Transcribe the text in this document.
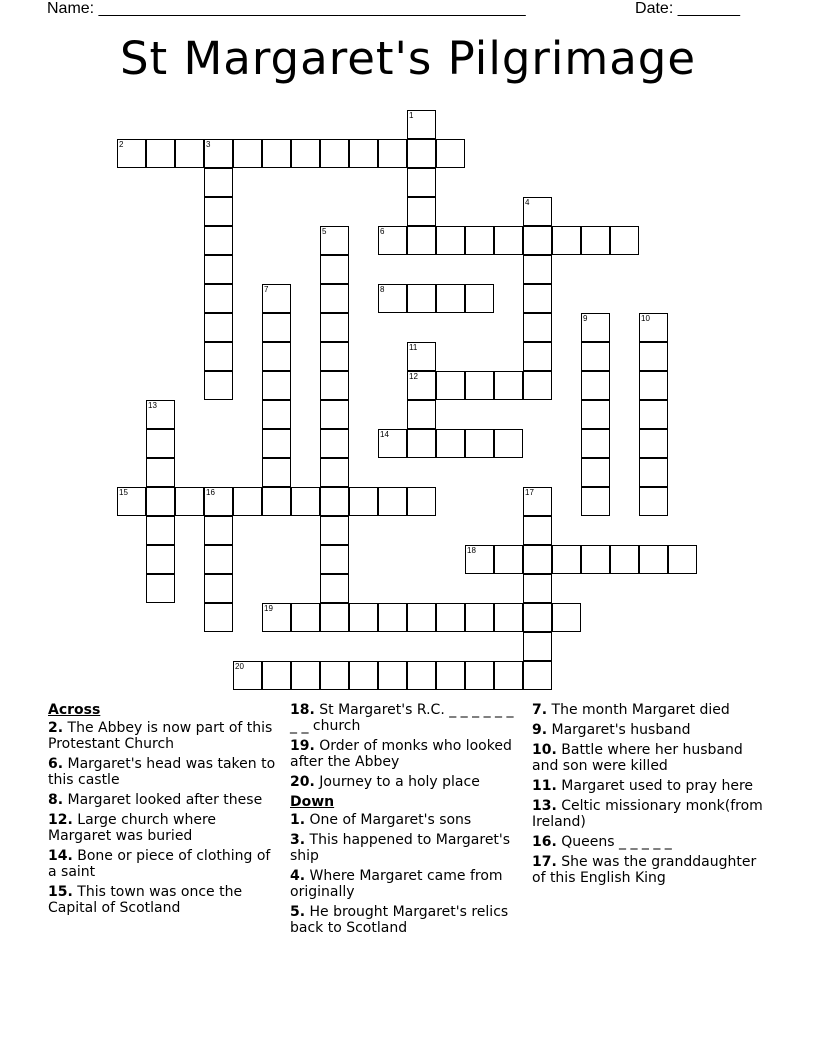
Name: ________________________________________________	Date: _______
St Margaret's Pilgrimage
1
2	3
4
5	6
7	8
9	10
11
12
13
14
15	16	17
18
19
20
Across
2. The Abbey is now part of this Protestant Church
6. Margaret's head was taken to this castle
8. Margaret looked after these
12. Large church where Margaret was buried
14. Bone or piece of clothing of a saint
15. This town was once the Capital of Scotland
18. St Margaret's R.C. _ _ _ _ _ _ _ _ church
19. Order of monks who looked after the Abbey
20. Journey to a holy place
Down
1. One of Margaret's sons
3. This happened to Margaret's ship
4. Where Margaret came from originally
5. He brought Margaret's relics back to Scotland
7. The month Margaret died
9. Margaret's husband
10. Battle where her husband and son were killed
11. Margaret used to pray here
13. Celtic missionary monk(from Ireland)
16. Queens _ _ _ _ _
17. She was the granddaughter of this English King
